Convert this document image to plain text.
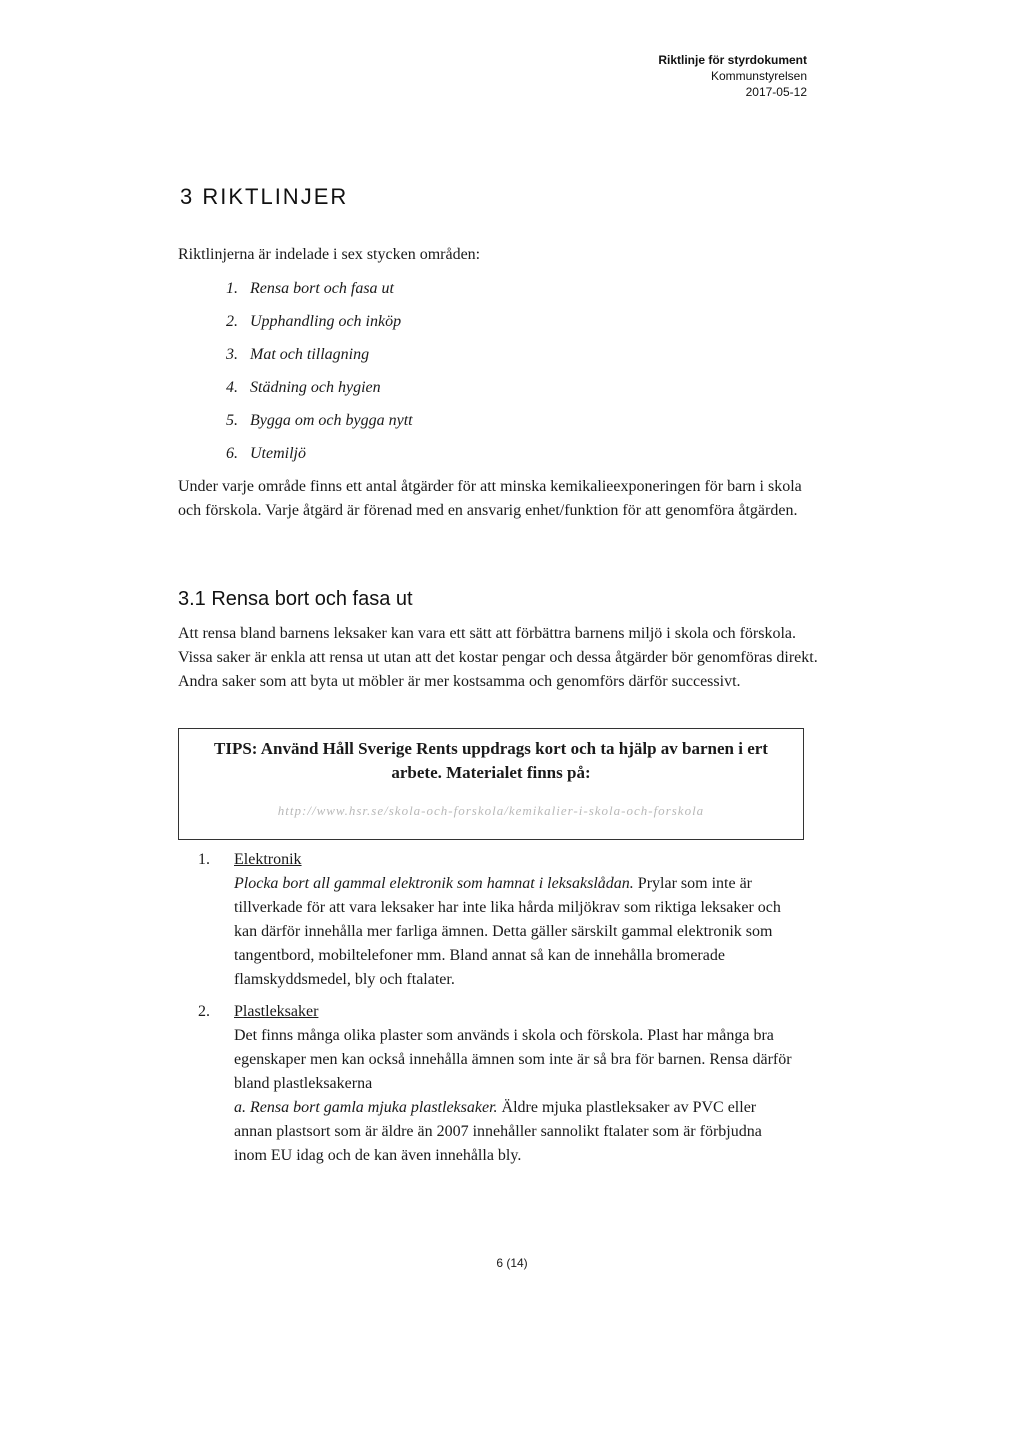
Riktlinje för styrdokument
Kommunstyrelsen
2017-05-12
3 RIKTLINJER
Riktlinjerna är indelade i sex stycken områden:
1. Rensa bort och fasa ut
2. Upphandling och inköp
3. Mat och tillagning
4. Städning och hygien
5. Bygga om och bygga nytt
6. Utemiljö
Under varje område finns ett antal åtgärder för att minska kemikalieexponeringen för barn i skola och förskola. Varje åtgärd är förenad med en ansvarig enhet/funktion för att genomföra åtgärden.
3.1 Rensa bort och fasa ut
Att rensa bland barnens leksaker kan vara ett sätt att förbättra barnens miljö i skola och förskola. Vissa saker är enkla att rensa ut utan att det kostar pengar och dessa åtgärder bör genomföras direkt. Andra saker som att byta ut möbler är mer kostsamma och genomförs därför successivt.
TIPS: Använd Håll Sverige Rents uppdrags kort och ta hjälp av barnen i ert arbete. Materialet finns på:
http://www.hsr.se/skola-och-forskola/kemikalier-i-skola-och-forskola
1.	Elektronik
Plocka bort all gammal elektronik som hamnat i leksakslådan. Prylar som inte är tillverkade för att vara leksaker har inte lika hårda miljökrav som riktiga leksaker och kan därför innehålla mer farliga ämnen. Detta gäller särskilt gammal elektronik som tangentbord, mobiltelefoner mm. Bland annat så kan de innehålla bromerade flamskyddsmedel, bly och ftalater.
2.	Plastleksaker
Det finns många olika plaster som används i skola och förskola. Plast har många bra egenskaper men kan också innehålla ämnen som inte är så bra för barnen. Rensa därför bland plastleksakerna
a. Rensa bort gamla mjuka plastleksaker. Äldre mjuka plastleksaker av PVC eller annan plastsort som är äldre än 2007 innehåller sannolikt ftalater som är förbjudna inom EU idag och de kan även innehålla bly.
6 (14)
